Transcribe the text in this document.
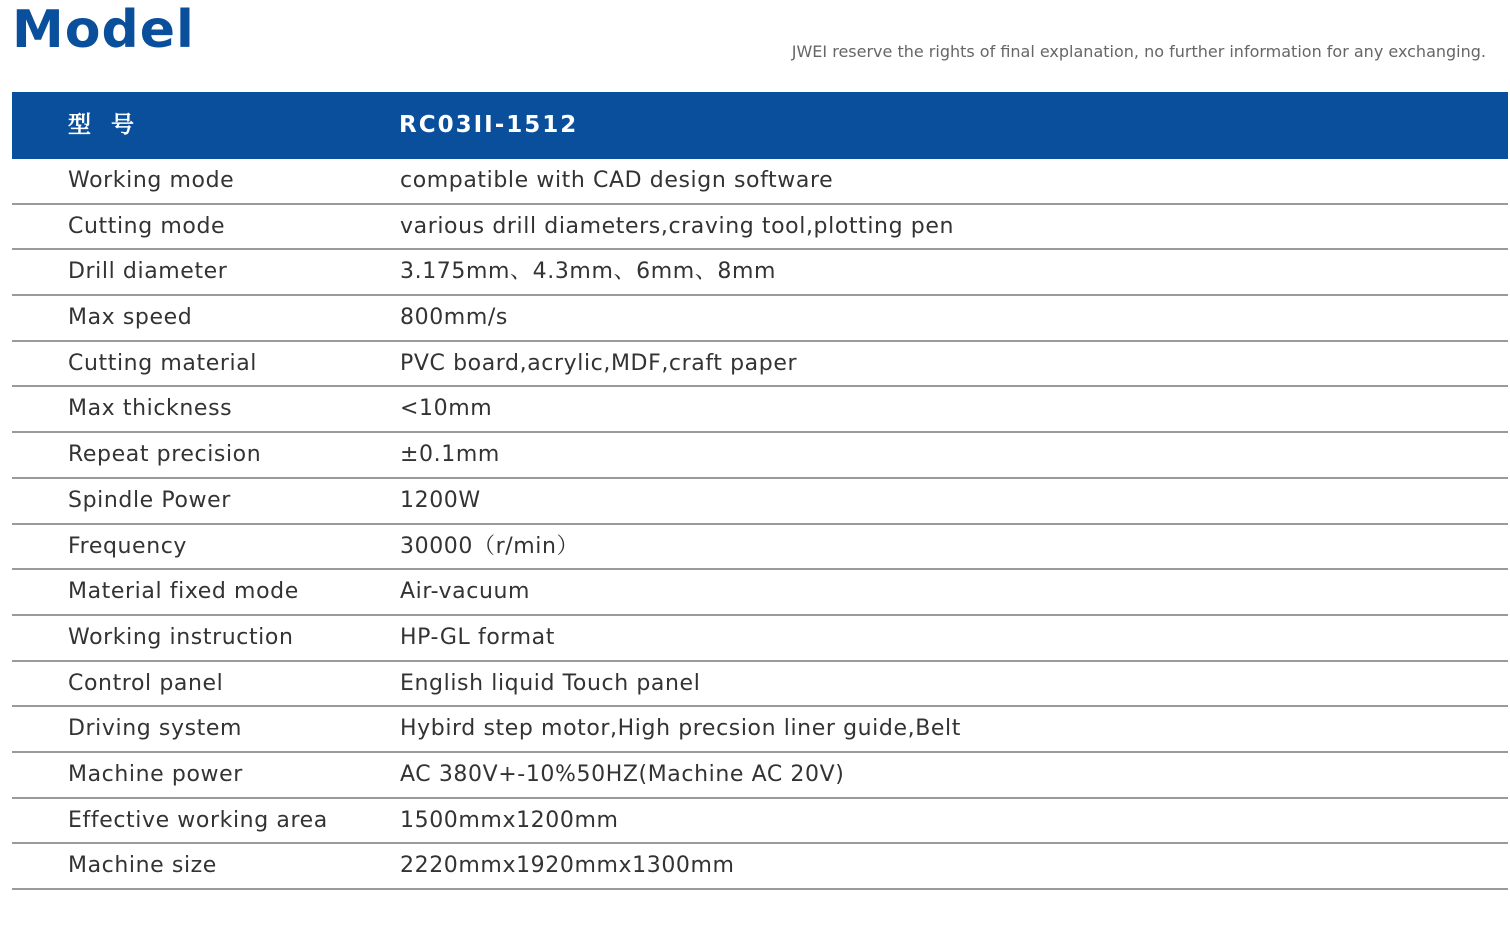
Model	JWEI reserve the rights of final explanation, no further information for any exchanging.
型 号	RC03II-1512
Working mode	compatible with CAD design software
Cutting mode	various drill diameters,craving tool,plotting pen
Drill diameter	3.175mm、4.3mm、6mm、8mm
Max speed	800mm/s
Cutting material	PVC board,acrylic,MDF,craft paper
Max thickness	<10mm
Repeat precision	±0.1mm
Spindle Power	1200W
Frequency	30000（r/min）
Material fixed mode	Air-vacuum
Working instruction	HP-GL format
Control panel	English liquid Touch panel
Driving system	Hybird step motor,High precsion liner guide,Belt
Machine power	AC 380V+-10%50HZ(Machine AC 20V)
Effective working area	1500mmx1200mm
Machine size	2220mmx1920mmx1300mm
